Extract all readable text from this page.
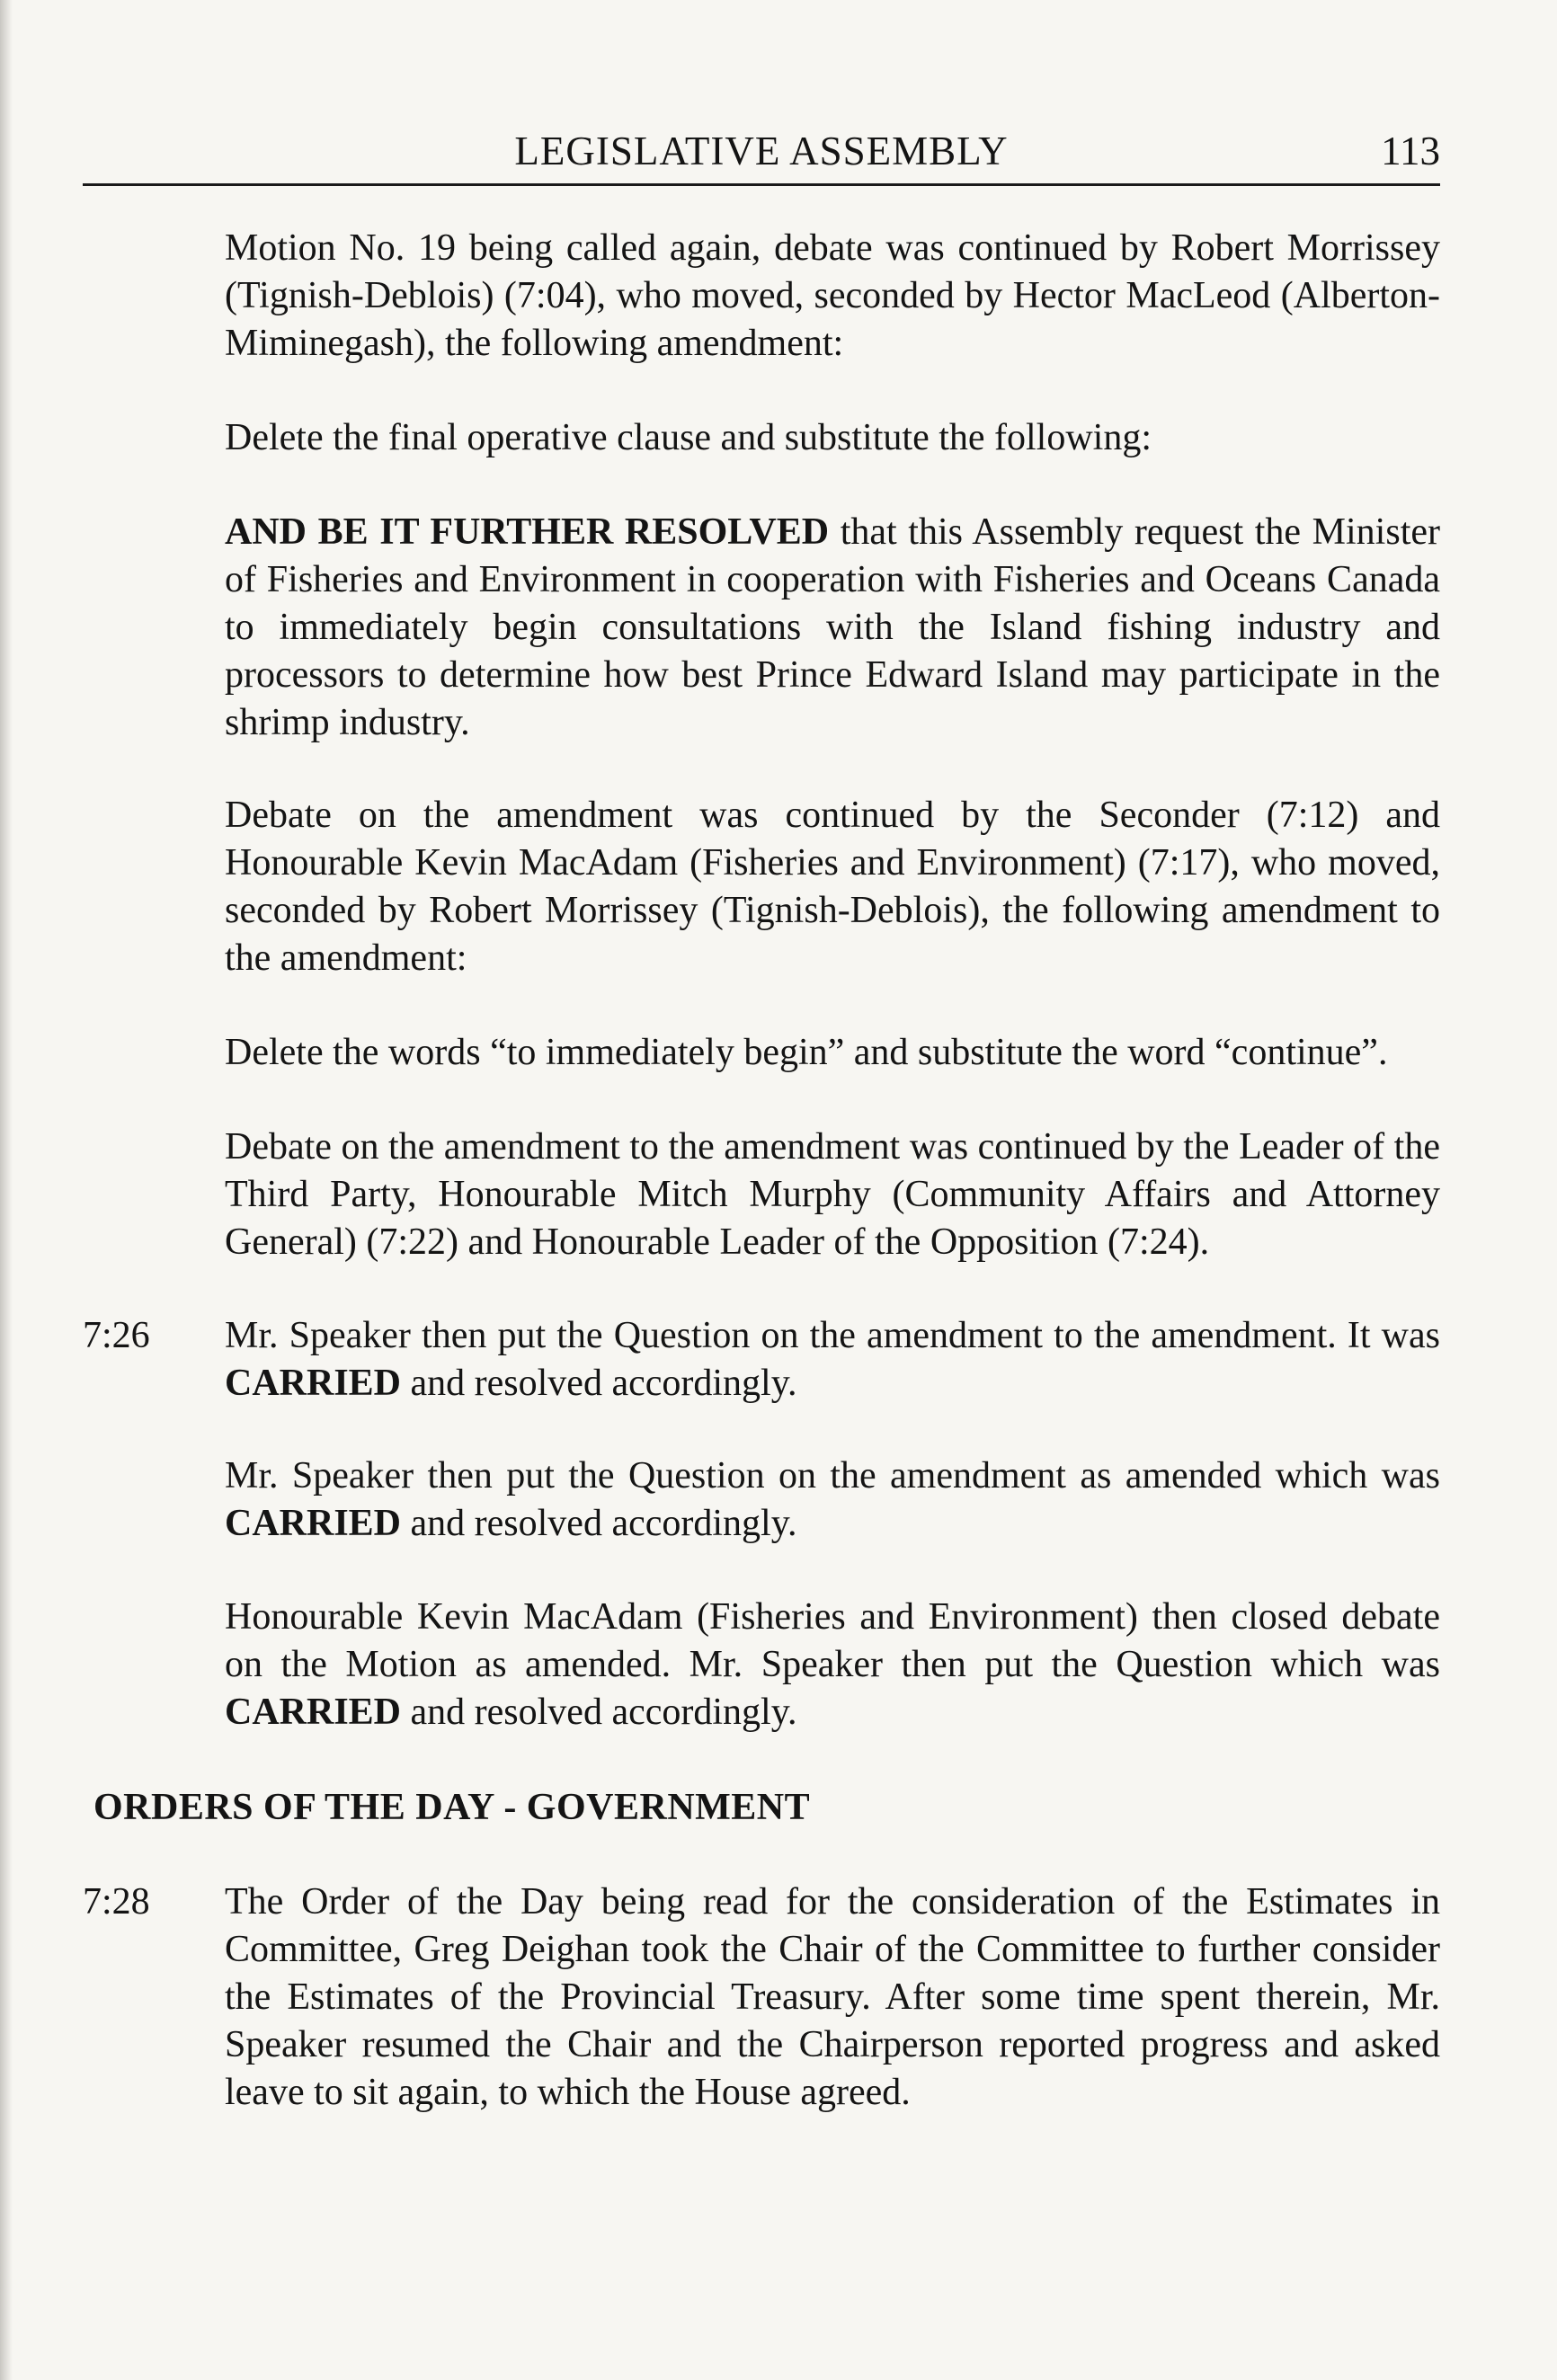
LEGISLATIVE ASSEMBLY	113

Motion No. 19 being called again, debate was continued by Robert Morrissey (Tignish-Deblois) (7:04), who moved, seconded by Hector MacLeod (Alberton-Miminegash), the following amendment:

Delete the final operative clause and substitute the following:

AND BE IT FURTHER RESOLVED that this Assembly request the Minister of Fisheries and Environment in cooperation with Fisheries and Oceans Canada to immediately begin consultations with the Island fishing industry and processors to determine how best Prince Edward Island may participate in the shrimp industry.

Debate on the amendment was continued by the Seconder (7:12) and Honourable Kevin MacAdam (Fisheries and Environment) (7:17), who moved, seconded by Robert Morrissey (Tignish-Deblois), the following amendment to the amendment:

Delete the words “to immediately begin” and substitute the word “continue”.

Debate on the amendment to the amendment was continued by the Leader of the Third Party, Honourable Mitch Murphy (Community Affairs and Attorney General) (7:22) and Honourable Leader of the Opposition (7:24).

7:26 Mr. Speaker then put the Question on the amendment to the amendment. It was CARRIED and resolved accordingly.

Mr. Speaker then put the Question on the amendment as amended which was CARRIED and resolved accordingly.

Honourable Kevin MacAdam (Fisheries and Environment) then closed debate on the Motion as amended. Mr. Speaker then put the Question which was CARRIED and resolved accordingly.

ORDERS OF THE DAY - GOVERNMENT
7:28 The Order of the Day being read for the consideration of the Estimates in Committee, Greg Deighan took the Chair of the Committee to further consider the Estimates of the Provincial Treasury. After some time spent therein, Mr. Speaker resumed the Chair and the Chairperson reported progress and asked leave to sit again, to which the House agreed.
